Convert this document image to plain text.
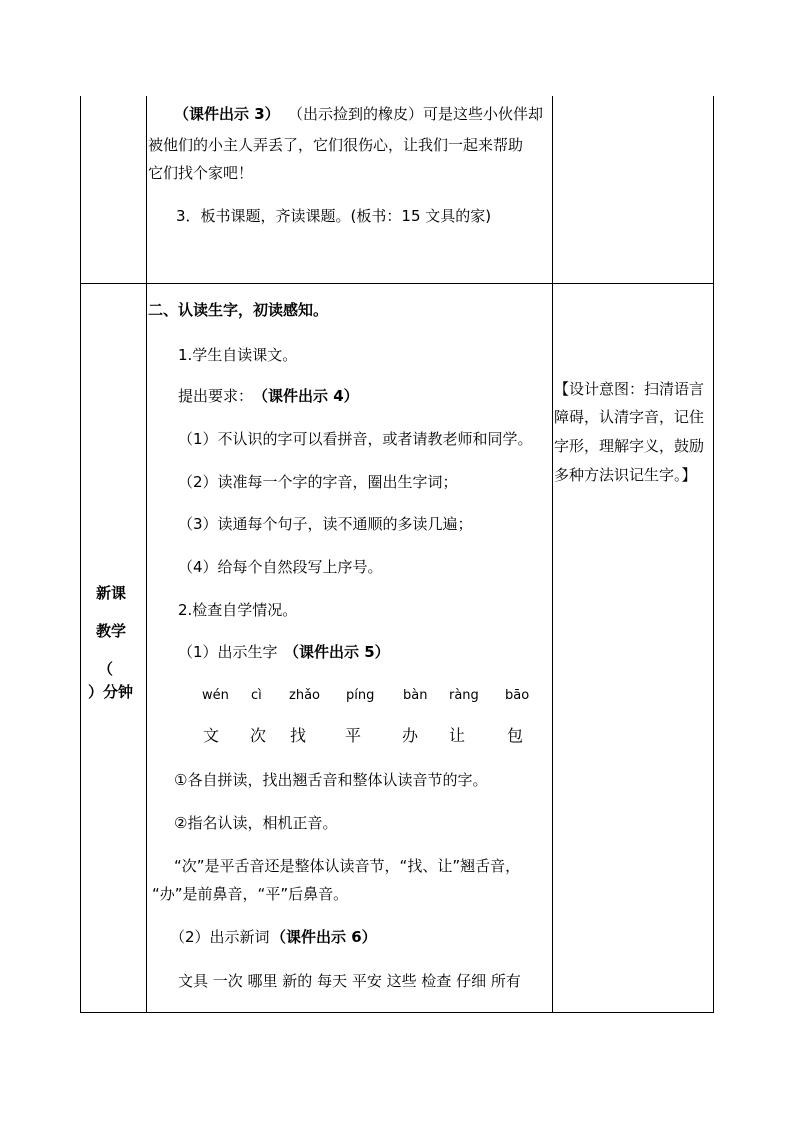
（课件出示 3） （出示捡到的橡皮）可是这些小伙伴却
被他们的小主人弄丢了，它们很伤心，让我们一起来帮助
它们找个家吧！
3．板书课题，齐读课题。(板书：15 文具的家)
新课
教学
（
）分钟
二、认读生字，初读感知。
1.学生自读课文。
提出要求： （课件出示 4）
（1）不认识的字可以看拼音，或者请教老师和同学。
（2）读准每一个字的字音，圈出生字词；
（3）读通每个句子，读不通顺的多读几遍；
（4）给每个自然段写上序号。
2.检查自学情况。
（1）出示生字 （课件出示 5）
wén cì zhǎo píng bàn ràng bāo
文 次 找 平	办 让	包
①各自拼读，找出翘舌音和整体认读音节的字。
②指名认读，相机正音。
“次”是平舌音还是整体认读音节，“找、让”翘舌音，
“办”是前鼻音，“平”后鼻音。
（2）出示新词 （课件出示 6）
文具 一次 哪里 新的 每天 平安 这些 检查 仔细 所有
【设计意图：扫清语言
障碍，认清字音，记住
字形，理解字义，鼓励
多种方法识记生字。】
